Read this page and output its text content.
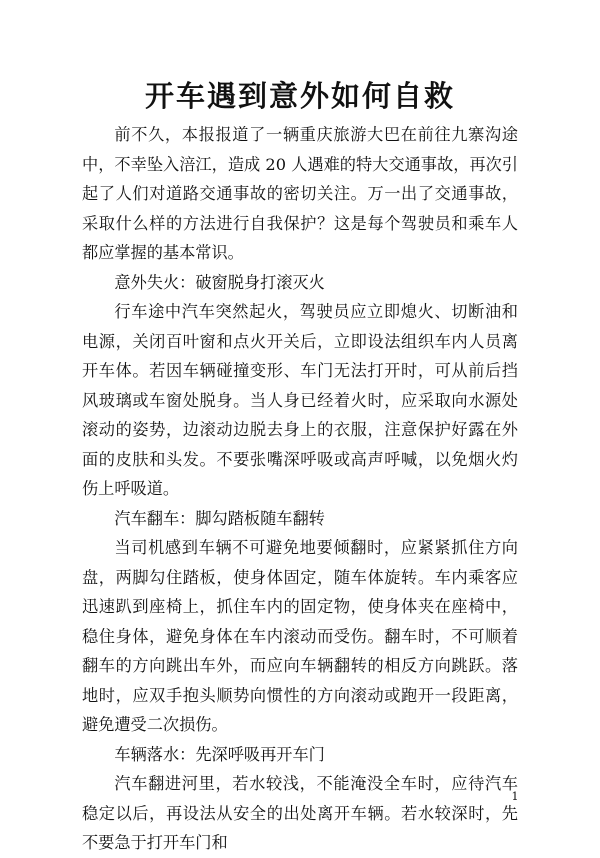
开车遇到意外如何自救

前不久，本报报道了一辆重庆旅游大巴在前往九寨沟途中，不幸坠入涪江，造成 20 人遇难的特大交通事故，再次引起了人们对道路交通事故的密切关注。万一出了交通事故，采取什么样的方法进行自我保护？这是每个驾驶员和乘车人都应掌握的基本常识。

意外失火：破窗脱身打滚灭火

行车途中汽车突然起火，驾驶员应立即熄火、切断油和电源，关闭百叶窗和点火开关后，立即设法组织车内人员离开车体。若因车辆碰撞变形、车门无法打开时，可从前后挡风玻璃或车窗处脱身。当人身已经着火时，应采取向水源处滚动的姿势，边滚动边脱去身上的衣服，注意保护好露在外面的皮肤和头发。不要张嘴深呼吸或高声呼喊，以免烟火灼伤上呼吸道。

汽车翻车：脚勾踏板随车翻转

当司机感到车辆不可避免地要倾翻时，应紧紧抓住方向盘，两脚勾住踏板，使身体固定，随车体旋转。车内乘客应迅速趴到座椅上，抓住车内的固定物，使身体夹在座椅中，稳住身体，避免身体在车内滚动而受伤。翻车时，不可顺着翻车的方向跳出车外，而应向车辆翻转的相反方向跳跃。落地时，应双手抱头顺势向惯性的方向滚动或跑开一段距离，避免遭受二次损伤。

车辆落水：先深呼吸再开车门

汽车翻进河里，若水较浅，不能淹没全车时，应待汽车稳定以后，再设法从安全的出处离开车辆。若水较深时，先不要急于打开车门和

1
